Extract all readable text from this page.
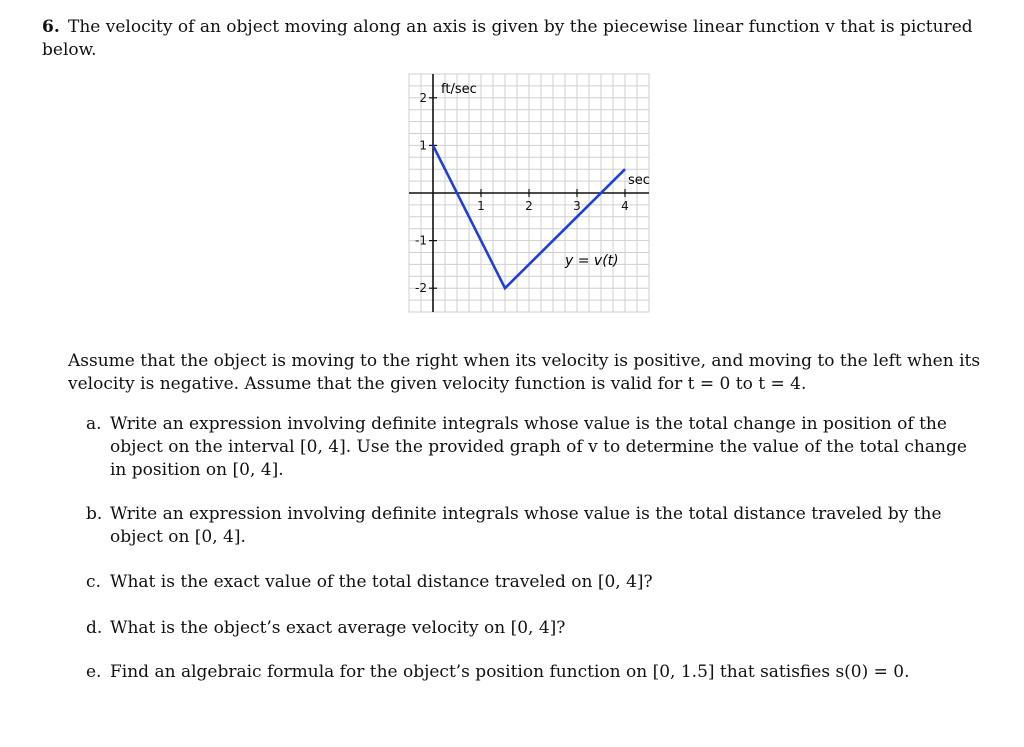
6. The velocity of an object moving along an axis is given by the piecewise linear function v that is pictured below.
1	2	3	4
2
1
-1
-2
ft/sec
sec
y = v(t)
Assume that the object is moving to the right when its velocity is positive, and moving to the left when its velocity is negative. Assume that the given velocity function is valid for t = 0 to t = 4.
a. Write an expression involving definite integrals whose value is the total change in position of the object on the interval [0, 4]. Use the provided graph of v to determine the value of the total change in position on [0, 4].
b. Write an expression involving definite integrals whose value is the total distance traveled by the object on [0, 4].
c. What is the exact value of the total distance traveled on [0, 4]?
d. What is the object’s exact average velocity on [0, 4]?
e. Find an algebraic formula for the object’s position function on [0, 1.5] that satisfies s(0) = 0.
